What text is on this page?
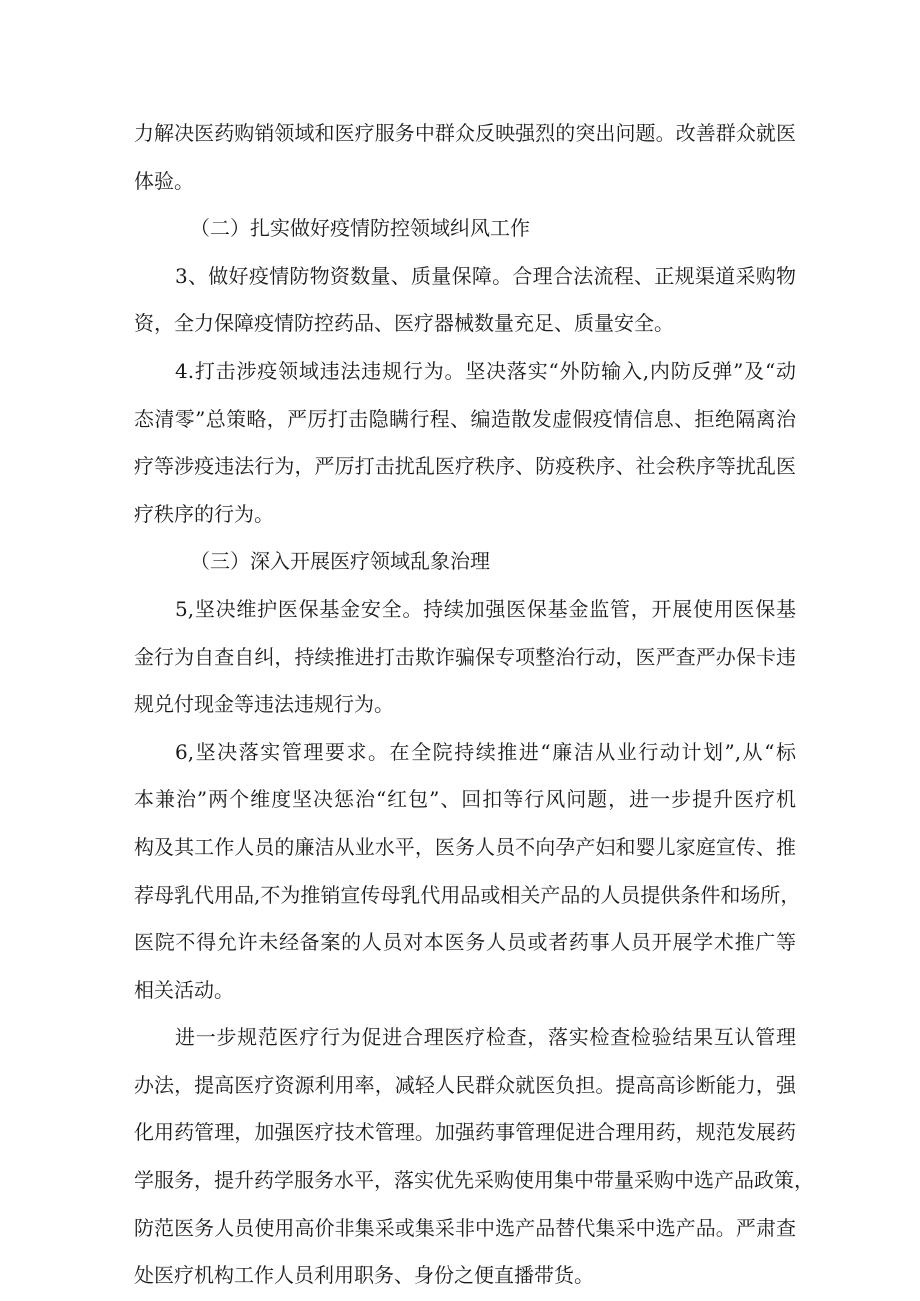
力解决医药购销领域和医疗服务中群众反映强烈的突出问题。改善群众就医
体验。
（二）扎实做好疫情防控领域纠风工作
3、做好疫情防物资数量、质量保障。合理合法流程、正规渠道采购物
资，全力保障疫情防控药品、医疗器械数量充足、质量安全。
4.打击涉疫领域违法违规行为。坚决落实“外防输入,内防反弹”及“动
态清零”总策略，严厉打击隐瞒行程、编造散发虚假疫情信息、拒绝隔离治
疗等涉疫违法行为，严厉打击扰乱医疗秩序、防疫秩序、社会秩序等扰乱医
疗秩序的行为。
（三）深入开展医疗领域乱象治理
5,坚决维护医保基金安全。持续加强医保基金监管，开展使用医保基
金行为自查自纠，持续推进打击欺诈骗保专项整治行动，医严查严办保卡违
规兑付现金等违法违规行为。
6,坚决落实管理要求。在全院持续推进“廉洁从业行动计划”,从“标
本兼治”两个维度坚决惩治“红包”、回扣等行风问题，进一步提升医疗机
构及其工作人员的廉洁从业水平，医务人员不向孕产妇和婴儿家庭宣传、推
荐母乳代用品,不为推销宣传母乳代用品或相关产品的人员提供条件和场所，
医院不得允许未经备案的人员对本医务人员或者药事人员开展学术推广等
相关活动。
进一步规范医疗行为促进合理医疗检查，落实检查检验结果互认管理
办法，提高医疗资源利用率，减轻人民群众就医负担。提高高诊断能力，强
化用药管理，加强医疗技术管理。加强药事管理促进合理用药，规范发展药
学服务，提升药学服务水平，落实优先采购使用集中带量采购中选产品政策，
防范医务人员使用高价非集采或集采非中选产品替代集采中选产品。严肃查
处医疗机构工作人员利用职务、身份之便直播带货。
